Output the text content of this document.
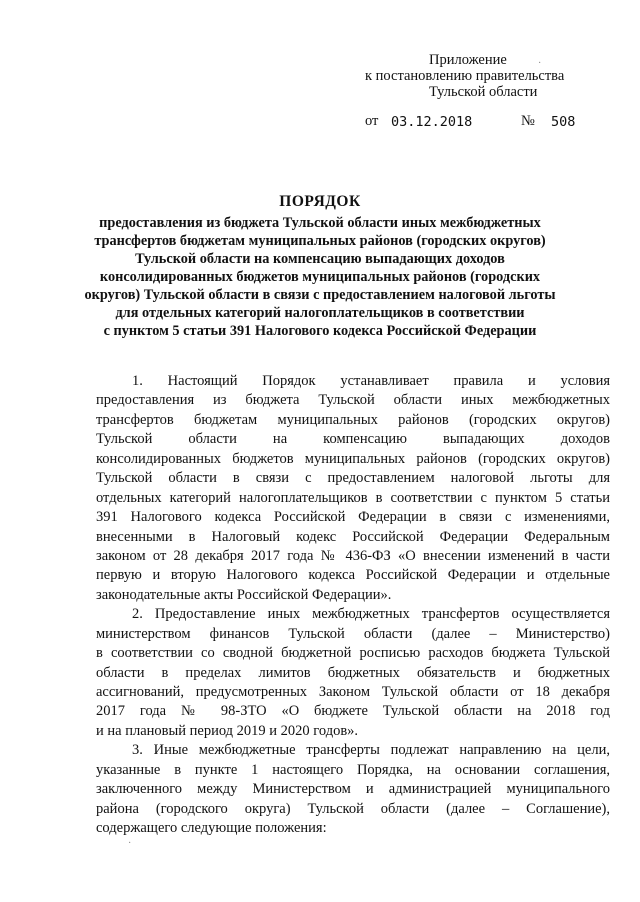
Приложение
к постановлению правительства
Тульской области
от 03.12.2018	№ 508
ПОРЯДОК
предоставления из бюджета Тульской области иных межбюджетных
трансфертов бюджетам муниципальных районов (городских округов)
Тульской области на компенсацию выпадающих доходов
консолидированных бюджетов муниципальных районов (городских
округов) Тульской области в связи с предоставлением налоговой льготы
для отдельных категорий налогоплательщиков в соответствии
с пунктом 5 статьи 391 Налогового кодекса Российской Федерации

1. Настоящий Порядок устанавливает правила и условия
предоставления из бюджета Тульской области иных межбюджетных
трансфертов бюджетам муниципальных районов (городских округов)
Тульской области на компенсацию выпадающих доходов
консолидированных бюджетов муниципальных районов (городских округов)
Тульской области в связи с предоставлением налоговой льготы для
отдельных категорий налогоплательщиков в соответствии с пунктом 5 статьи
391 Налогового кодекса Российской Федерации в связи с изменениями,
внесенными в Налоговый кодекс Российской Федерации Федеральным
законом от 28 декабря 2017 года № 436-ФЗ «О внесении изменений в части
первую и вторую Налогового кодекса Российской Федерации и отдельные
законодательные акты Российской Федерации».

2. Предоставление иных межбюджетных трансфертов осуществляется
министерством финансов Тульской области (далее – Министерство)
в соответствии со сводной бюджетной росписью расходов бюджета Тульской
области в пределах лимитов бюджетных обязательств и бюджетных
ассигнований, предусмотренных Законом Тульской области от 18 декабря
2017 года № 98-ЗТО «О бюджете Тульской области на 2018 год
и на плановый период 2019 и 2020 годов».

3. Иные межбюджетные трансферты подлежат направлению на цели,
указанные в пункте 1 настоящего Порядка, на основании соглашения,
заключенного между Министерством и администрацией муниципального
района (городского округа) Тульской области (далее – Соглашение),
содержащего следующие положения:

·
·
